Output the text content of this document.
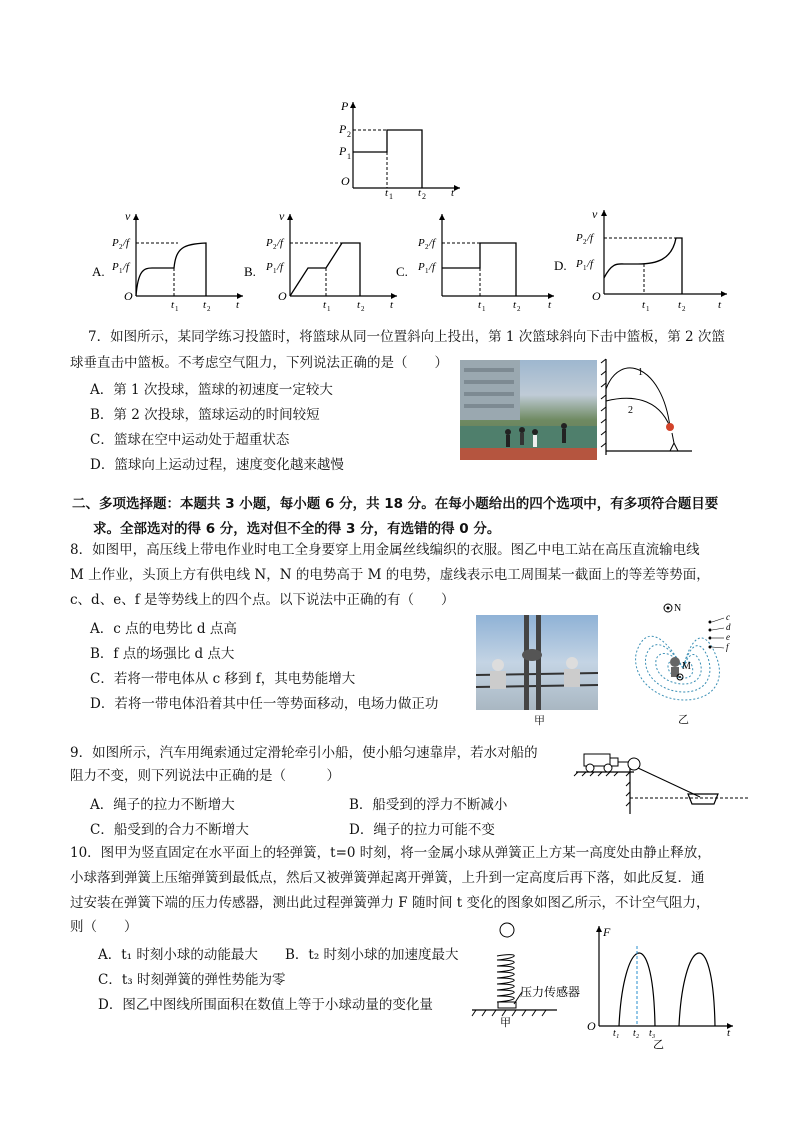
P
P 2
P 1
O
t 1 t 2 t
A.
v
P 2 /f
P 1 /f
O
t 1 t 2 t
B.
v
P 2 /f
P 1 /f
O
t 1 t 2 t
C.
P 2 /f
P 1 /f
t 1	t 2	t
D.
v
P 2 /f
P 1 /f
O
t 1	t 2	t
7．如图所示，某同学练习投篮时，将篮球从同一位置斜向上投出，第 1 次篮球斜向下击中篮板，第 2 次篮
球垂直击中篮板。不考虑空气阻力，下列说法正确的是（　　）
A．第 1 次投球，篮球的初速度一定较大
B．第 2 次投球，篮球运动的时间较短
C．篮球在空中运动处于超重状态
D．篮球向上运动过程，速度变化越来越慢
1
2
二、多项选择题：本题共 3 小题，每小题 6 分，共 18 分。在每小题给出的四个选项中，有多项符合题目要
求。全部选对的得 6 分，选对但不全的得 3 分，有选错的得 0 分。
8．如图甲，高压线上带电作业时电工全身要穿上用金属丝线编织的衣服。图乙中电工站在高压直流输电线
M 上作业，头顶上方有供电线 N，N 的电势高于 M 的电势，虚线表示电工周围某一截面上的等差等势面，
c、d、e、f 是等势线上的四个点。以下说法中正确的有（　　）
A．c 点的电势比 d 点高
B．f 点的场强比 d 点大
C．若将一带电体从 c 移到 f，其电势能增大
D．若将一带电体沿着其中任一等势面移动，电场力做正功
甲
N
M
c
d
e
f
乙
9．如图所示，汽车用绳索通过定滑轮牵引小船，使小船匀速靠岸，若水对船的
阻力不变，则下列说法中正确的是（　　　）
A．绳子的拉力不断增大	B．船受到的浮力不断减小
C．船受到的合力不断增大	D．绳子的拉力可能不变
10．图甲为竖直固定在水平面上的轻弹簧，t=0 时刻，将一金属小球从弹簧正上方某一高度处由静止释放，
小球落到弹簧上压缩弹簧到最低点，然后又被弹簧弹起离开弹簧，上升到一定高度后再下落，如此反复．通
过安装在弹簧下端的压力传感器，测出此过程弹簧弹力 F 随时间 t 变化的图象如图乙所示，不计空气阻力，
则（　　）
A．t₁ 时刻小球的动能最大 B．t₂ 时刻小球的加速度最大
C．t₃ 时刻弹簧的弹性势能为零
D．图乙中图线所围面积在数值上等于小球动量的变化量
压力传感器
甲
F
O
t₁ t₂ t₃	t
乙
